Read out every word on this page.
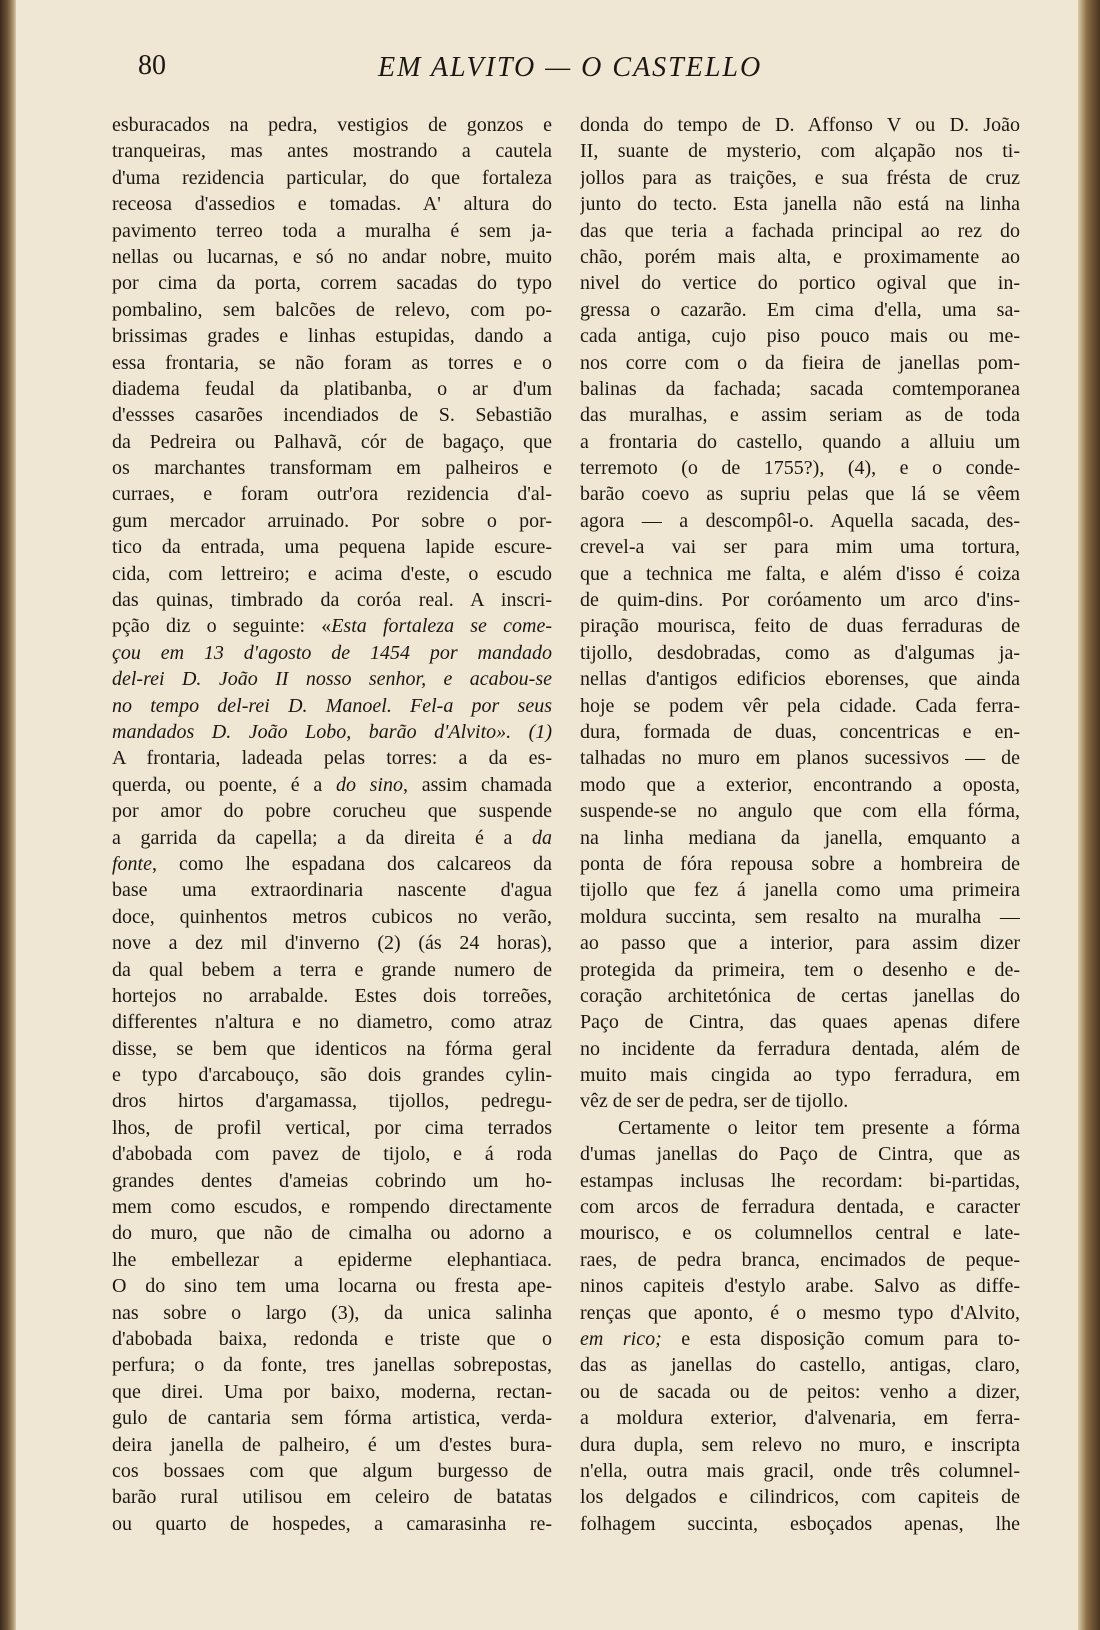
80	EM ALVITO — O CASTELLO
esburacados na pedra, vestigios de gonzos e
tranqueiras, mas antes mostrando a cautela
d'uma rezidencia particular, do que fortaleza
receosa d'assedios e tomadas. A' altura do
pavimento terreo toda a muralha é sem ja-
nellas ou lucarnas, e só no andar nobre, muito
por cima da porta, correm sacadas do typo
pombalino, sem balcões de relevo, com po-
brissimas grades e linhas estupidas, dando a
essa frontaria, se não foram as torres e o
diadema feudal da platibanba, o ar d'um
d'essses casarões incendiados de S. Sebastião
da Pedreira ou Palhavã, cór de bagaço, que
os marchantes transformam em palheiros e
curraes, e foram outr'ora rezidencia d'al-
gum mercador arruinado. Por sobre o por-
tico da entrada, uma pequena lapide escure-
cida, com lettreiro; e acima d'este, o escudo
das quinas, timbrado da coróa real. A inscri-
pção diz o seguinte: «Esta fortaleza se come-
çou em 13 d'agosto de 1454 por mandado
del-rei D. João II nosso senhor, e acabou-se
no tempo del-rei D. Manoel. Fel-a por seus
mandados D. João Lobo, barão d'Alvito». (1)
A frontaria, ladeada pelas torres: a da es-
querda, ou poente, é a do sino, assim chamada
por amor do pobre corucheu que suspende
a garrida da capella; a da direita é a da
fonte, como lhe espadana dos calcareos da
base uma extraordinaria nascente d'agua
doce, quinhentos metros cubicos no verão,
nove a dez mil d'inverno (2) (ás 24 horas),
da qual bebem a terra e grande numero de
hortejos no arrabalde. Estes dois torreões,
differentes n'altura e no diametro, como atraz
disse, se bem que identicos na fórma geral
e typo d'arcabouço, são dois grandes cylin-
dros hirtos d'argamassa, tijollos, pedregu-
lhos, de profil vertical, por cima terrados
d'abobada com pavez de tijolo, e á roda
grandes dentes d'ameias cobrindo um ho-
mem como escudos, e rompendo directamente
do muro, que não de cimalha ou adorno a
lhe embellezar a epiderme elephantiaca.
O do sino tem uma locarna ou fresta ape-
nas sobre o largo (3), da unica salinha
d'abobada baixa, redonda e triste que o
perfura; o da fonte, tres janellas sobrepostas,
que direi. Uma por baixo, moderna, rectan-
gulo de cantaria sem fórma artistica, verda-
deira janella de palheiro, é um d'estes bura-
cos bossaes com que algum burgesso de
barão rural utilisou em celeiro de batatas
ou quarto de hospedes, a camarasinha re-
donda do tempo de D. Affonso V ou D. João
II, suante de mysterio, com alçapão nos ti-
jollos para as traições, e sua frésta de cruz
junto do tecto. Esta janella não está na linha
das que teria a fachada principal ao rez do
chão, porém mais alta, e proximamente ao
nivel do vertice do portico ogival que in-
gressa o cazarão. Em cima d'ella, uma sa-
cada antiga, cujo piso pouco mais ou me-
nos corre com o da fieira de janellas pom-
balinas da fachada; sacada comtemporanea
das muralhas, e assim seriam as de toda
a frontaria do castello, quando a alluiu um
terremoto (o de 1755?), (4), e o conde-
barão coevo as supriu pelas que lá se vêem
agora — a descompôl-o. Aquella sacada, des-
crevel-a vai ser para mim uma tortura,
que a technica me falta, e além d'isso é coiza
de quim-dins. Por coróamento um arco d'ins-
piração mourisca, feito de duas ferraduras de
tijollo, desdobradas, como as d'algumas ja-
nellas d'antigos edificios eborenses, que ainda
hoje se podem vêr pela cidade. Cada ferra-
dura, formada de duas, concentricas e en-
talhadas no muro em planos sucessivos — de
modo que a exterior, encontrando a oposta,
suspende-se no angulo que com ella fórma,
na linha mediana da janella, emquanto a
ponta de fóra repousa sobre a hombreira de
tijollo que fez á janella como uma primeira
moldura succinta, sem resalto na muralha —
ao passo que a interior, para assim dizer
protegida da primeira, tem o desenho e de-
coração architetónica de certas janellas do
Paço de Cintra, das quaes apenas difere
no incidente da ferradura dentada, além de
muito mais cingida ao typo ferradura, em
vêz de ser de pedra, ser de tijollo.
Certamente o leitor tem presente a fórma
d'umas janellas do Paço de Cintra, que as
estampas inclusas lhe recordam: bi-partidas,
com arcos de ferradura dentada, e caracter
mourisco, e os columnellos central e late-
raes, de pedra branca, encimados de peque-
ninos capiteis d'estylo arabe. Salvo as diffe-
renças que aponto, é o mesmo typo d'Alvito,
em rico; e esta disposição comum para to-
das as janellas do castello, antigas, claro,
ou de sacada ou de peitos: venho a dizer,
a moldura exterior, d'alvenaria, em ferra-
dura dupla, sem relevo no muro, e inscripta
n'ella, outra mais gracil, onde três columnel-
los delgados e cilindricos, com capiteis de
folhagem succinta, esboçados apenas, lhe
